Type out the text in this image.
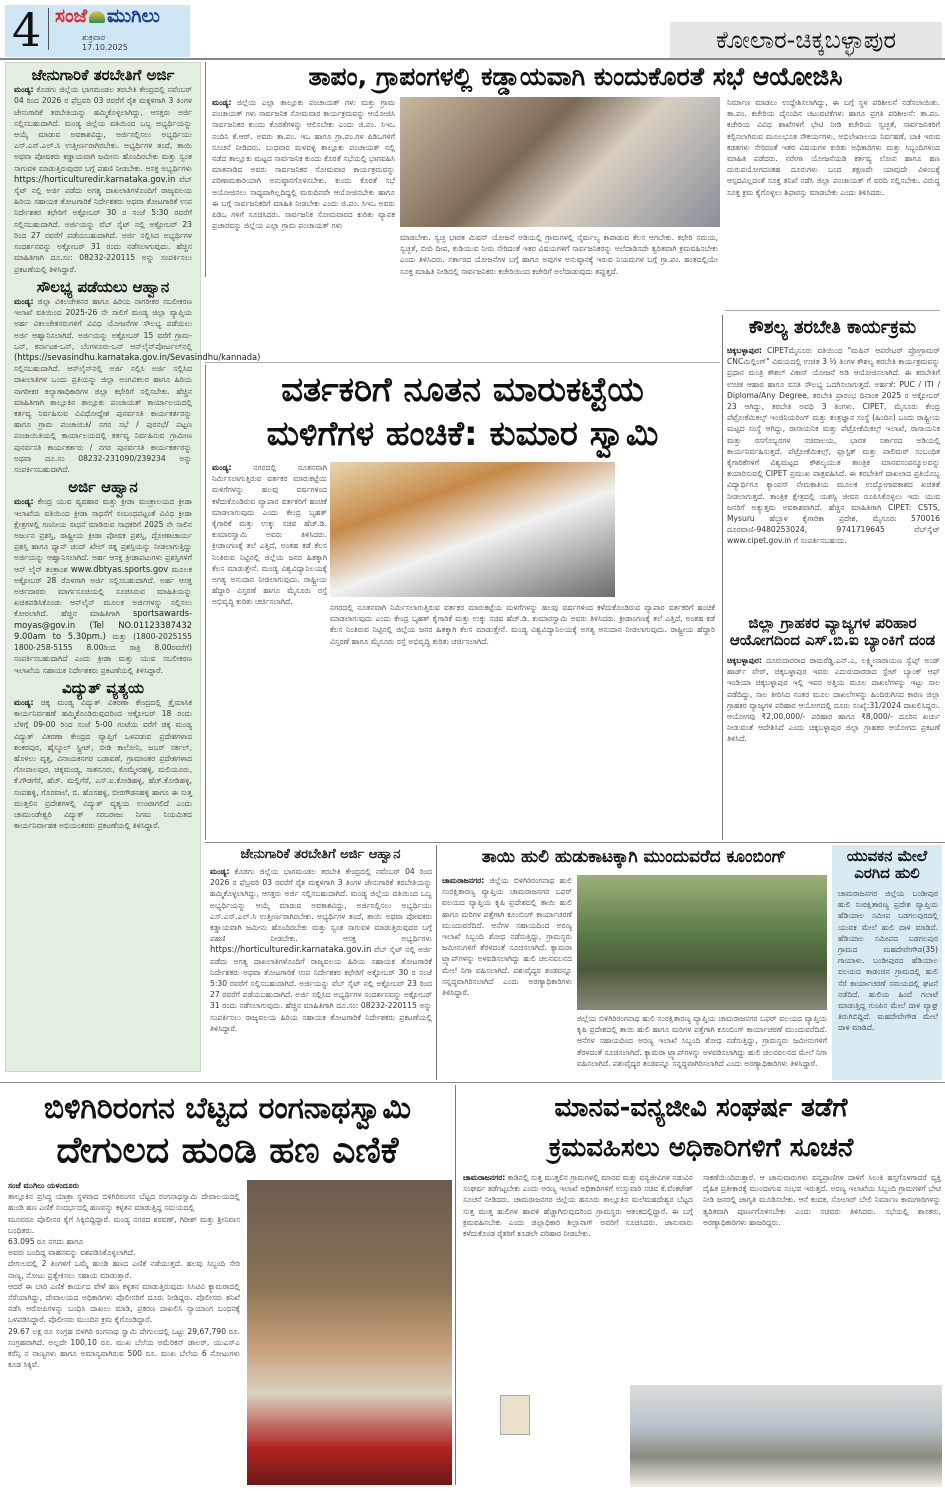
4 ಸಂಜೆ ಮುಗಿಲು
ಶುಕ್ರವಾರ
17.10.2025	ಕೋಲಾರ-ಚಿಕ್ಕಬಳ್ಳಾಪುರ
ಜೇನುಗಾರಿಕೆ ತರಬೇತಿಗೆ ಅರ್ಜಿ

ಮಂಡ್ಯ: ಕೊಡಗು ಜಿಲ್ಲೆಯ ಭಾಗಮಂಡಲ ತರಬೇತಿ ಕೇಂದ್ರದಲ್ಲಿ ನವೆಂಬರ್ 04 ರಿಂದ 2026 ರ ಫೆಬ್ರವರಿ 03 ರವರೆಗೆ ರೈತ ಮಕ್ಕಳಿಗಾಗಿ 3 ತಿಂಗಳ ಜೇನುಗಾರಿಕೆ ತರಬೇತಿಯನ್ನು ಹಮ್ಮಿಕೊಳ್ಳಲಾಗಿದ್ದು, ಆಸಕ್ತರು ಅರ್ಜಿ ಸಲ್ಲಿಸಬಹುದಾಗಿದೆ. ಮಂಡ್ಯ ಜಿಲ್ಲೆಯ ವತಿಯಿಂದ ಒಬ್ಬ ಅಭ್ಯರ್ಥಿಯನ್ನು ಆಯ್ಕೆ ಮಾಡುವ ಅವಕಾಶವಿದ್ದು, ಅರ್ಜಿಸಲ್ಲಿಸಲು ಅಭ್ಯರ್ಥಿಯು ಎಸ್.ಎಸ್.ಎಲ್.ಸಿ ಉತ್ತೀರ್ಣರಾಗಿರಬೇಕು. ಅಭ್ಯರ್ಥಿಗಳ ತಂದೆ, ತಾಯಿ ಅಥವಾ ಪೋಷಕರು ಕಡ್ಡಾಯವಾಗಿ ಜಮೀನು ಹೊಂದಿರಬೇಕು ಮತ್ತು ಸ್ವಂತ ಸಾಗುವಳಿ ಮಾಡುತ್ತಿರುವುದರ ಬಗ್ಗೆ ಪಹಣಿ ನೀಡಬೇಕು. ಆಸಕ್ತ ಅಭ್ಯರ್ಥಿಗಳು https://horticulturedir.karnataka.gov.in ವೆಬ್ ಸೈಟ್ ನಲ್ಲಿ ಅರ್ಜಿ ಪಡೆದು ಅಗತ್ಯ ದಾಖಲಾತಿಗಳೊಂದಿಗೆ ರಾಜ್ಯವಲಯ ಹಿರಿಯ ಸಹಾಯಕ ತೋಟಗಾರಿಕೆ ನಿರ್ದೇಶಕರು ಅಥವಾ ತೋಟಗಾರಿಕೆ ಉಪ ನಿರ್ದೇಶಕರ ಕಛೇರಿಗೆ ಅಕ್ಟೋಬರ್ 30 ರ ಸಂಜೆ 5:30 ರವರೆಗೆ ಸಲ್ಲಿಸಬಹುದಾಗಿದೆ. ಅರ್ಜಿಯನ್ನು ವೆಬ್ ಸೈಟ್ ನಲ್ಲಿ ಅಕ್ಟೋಬರ್ 23 ರಿಂದ 27 ರವರೆಗೆ ಪಡೆಯಬಹುದಾಗಿದೆ. ಅರ್ಜಿ ಸಲ್ಲಿಸಿದ ಅಭ್ಯರ್ಥಿಗಳ ಸಂದರ್ಶನವನ್ನು ಅಕ್ಟೋಬರ್ 31 ರಂದು ನಡೆಸಲಾಗುವುದು. ಹೆಚ್ಚಿನ ಮಾಹಿತಿಗಾಗಿ ದೂ.ಸಂ: 08232-220115 ಅನ್ನು ಸಂಪರ್ಕಿಸಲು ಪ್ರಕಟಣೆಯಲ್ಲಿ ತಿಳಿಸಿದ್ದಾರೆ.

ಸೌಲಭ್ಯ ಪಡೆಯಲು ಆಹ್ವಾನ

ಮಂಡ್ಯ: ಜಿಲ್ಲಾ ವಿಕಲಚೇತನರ ಹಾಗೂ ಹಿರಿಯ ನಾಗರೀಕರ ಸಬಲೀಕರಣ ಇಲಾಖೆ ವತಿಯಿಂದ 2025-26 ನೇ ಸಾಲಿಗೆ ಮಂಡ್ಯ ಜಿಲ್ಲಾ ವ್ಯಾಪ್ತಿಯ ಅರ್ಹ ವಿಕಲಚೇತನರುಗಳಿಗೆ ವಿವಿಧ ಯೋಜನೆಗಳ ಸೌಲಭ್ಯ ಪಡೆಯಲು ಅರ್ಜಿ ಆಹ್ವಾನಿಸಲಾಗಿದೆ. ಅರ್ಜಿಯನ್ನು ಅಕ್ಟೋಬರ್ 15 ವರೆಗೆ ಗ್ರಾಮ-ಒನ್, ಕರ್ನಾಟಕ-ಒನ್, ಬೆಂಗಳೂರು-ಒನ್ ಆನ್‌ಲೈನ್‌ಪೋರ್ಟಲ್‌ನಲ್ಲಿ (https://sevasindhu.karnataka.gov.in/Sevasindhu/kannada) ಸಲ್ಲಿಸಬಹುದಾಗಿದೆ. ಆನ್‌ಲೈನ್‌ನಲ್ಲಿ ಅರ್ಜಿ ಸಲ್ಲಿಸಿ ಅರ್ಜಿ ಸಲ್ಲಿಸಿದ ದಾಖಲಾತಿಗಳ ಒಂದು ಪ್ರತಿಯನ್ನು ಜಿಲ್ಲಾ ಅಂಗವಿಕಲರ ಹಾಗೂ ಹಿರಿಯ ನಾಗರೀಕರ ಕಲ್ಯಾಣಾಧಿಕಾರಿಗಳ ಜಿಲ್ಲಾ ಕಛೇರಿಗೆ ಸಲ್ಲಿಸಬೇಕು. ಹೆಚ್ಚಿನ ಮಾಹಿತಿಗಾಗಿ ತಾಲ್ಲೂಕಿನ ತಾಲ್ಲೂಕು ಪಂಚಾಯತ್ ಕಾರ್ಯಾಲಯದಲ್ಲಿ ಕರ್ತವ್ಯ ನಿರ್ವಹಿಸುವ ವಿವಿಧೋದ್ದೇಶ ಪುನರ್ವಸತಿ ಕಾರ್ಯಕರ್ತರನ್ನು ಹಾಗೂ ಗ್ರಾಮ ಪಂಚಾಯಿತಿ/ ನಗರ ಸಭೆ / ಪುರಸಭೆ/ ಪಟ್ಟಣ ಪಂಚಾಯಿತಿಯಲ್ಲಿ ಕಾರ್ಯಾಲಯದಲ್ಲಿ ಕರ್ತವ್ಯ ನಿರ್ವಹಿಸುವ ಗ್ರಾಮೀಣ ಪುನರ್ವಸತಿ ಕಾರ್ಯಕರ್ತರು / ನಗರ ಪುನರ್ವಸತಿ ಕಾರ್ಯಕರ್ತರನ್ನು ಅಥವಾ ದೂ.ಸಂ 08232-231090/239234 ಅನ್ನು ಸಂಪರ್ಕಿಸಬಹುದಾಗಿದೆ.

ಅರ್ಜಿ ಆಹ್ವಾನ

ಮಂಡ್ಯ: ಕೇಂದ್ರ ಯುವ ವ್ಯವಹಾರ ಮತ್ತು ಕ್ರೀಡಾ ಮಂತ್ರಾಲಯದ ಕ್ರೀಡಾ ಇಲಾಖೆಯ ವತಿಯಿಂದ ಕ್ರೀಡಾ ಸಾಧನೆಗೆ ಸಂಬಂಧಪಟ್ಟಂತೆ ವಿವಿಧ ಕ್ರೀಡಾ ಕ್ಷೇತ್ರಗಳಲ್ಲಿ ಗಣನೀಯ ಸಾಧನೆ ಮಾಡಿರುವ ಸಾಧಕರಿಗೆ 2025 ನೇ ಸಾಲಿನ ಅರ್ಜುನ ಪ್ರಶಸ್ತಿ, ರಾಷ್ಟ್ರೀಯ ಕ್ರೀಡಾ ಪೋಷಕ ಪ್ರಶಸ್ತಿ, ದ್ರೋಣಾಚಾರ್ಯ ಪ್ರಶಸ್ತಿ ಹಾಗೂ ಧ್ಯಾನ್ ಚಂದ್ ಖೇಲ್ ರತ್ನ ಪ್ರಶಸ್ತಿಯನ್ನು ನೀಡಲಾಗುತ್ತಿದ್ದು ಅರ್ಜಿಯನ್ನು ಆಹ್ವಾನಿಸಲಾಗಿದೆ. ಅರ್ಹ ಆಸಕ್ತ ಕ್ರೀಡಾಪಟುಗಳು ಪ್ರಶಸ್ತಿಗಳಿಗೆ ಆನ್ ಲೈನ್ ತಂತ್ರಾಂಶ www.dbtyas.sports.gov ಮೂಲಕ ಅಕ್ಟೋಬರ್ 28 ರೊಳಗಾಗಿ ಅರ್ಜಿ ಸಲ್ಲಿಸಬಹುದಾಗಿದೆ. ಅರ್ಹ ಆಸಕ್ತ ಅರ್ಜಿದಾರರು ಮಾರ್ಗಸೂಚಿಯಲ್ಲಿ ಸೂಚಿಸಿರುವ ಮಾಹಿತಿಯನ್ನು ಖಚಿತಪಡಿಸಿಕೊಂಡು ಆನ್‌ಲೈನ್ ಮೂಲಕ ಅರ್ಜಿಗಳನ್ನು ಸಲ್ಲಿಸಲು ಕೋರಲಾಗಿದೆ. ಹೆಚ್ಚಿನ ಮಾಹಿತಿಗಾಗಿ sportsawards-moyas@gov.in (Tel NO.01123387432 9.00am to 5.30pm.) ಮತ್ತು (1800-2025155 1800-258-5155 8.00ರಿಂದ ರಾತ್ರಿ 8.00ರವರೆಗೆ) ಸಂಪರ್ಕಿಸಬಹುದಾಗಿದೆ ಎಂದು ಕ್ರೀಡಾ ಮತ್ತು ಯುವ ಸಬಲೀಕರಣ ಇಲಾಖೆಯ ಸಹಾಯಕ ನಿರ್ದೇಶಕರು ಪ್ರಕಟಣೆಯಲ್ಲಿ ತಿಳಿಸಿದ್ದಾರೆ.

ವಿದ್ಯುತ್ ವ್ಯತ್ಯಯ

ಮಂಡ್ಯ: ಚಿಕ್ಕ ಮಂಡ್ಯ ವಿದ್ಯುತ್ ವಿತರಣಾ ಕೇಂದ್ರದಲ್ಲಿ ತ್ರೈಮಾಸಿಕ ಕಾರ್ಯನಿರ್ವಹಣೆ ಹಮ್ಮಿಕೊಂಡಿರುವುದರಿಂದ ಅಕ್ಟೋಬರ್ 18 ರಂದು ಬೆಳಿಗ್ಗೆ 09-00 ರಿಂದ ಸಂಜೆ 5-00 ಗಂಟೆಯ ವರೆಗೆ ಚಿಕ್ಕ ಮಂಡ್ಯ ವಿದ್ಯುತ್ ವಿತರಣಾ ಕೇಂದ್ರದ ವ್ಯಾಪ್ತಿಗೆ ಒಳಪಡುವ ಪ್ರದೇಶಗಳಾದ ಶಂಕರಪುರ, ಹೈಸ್ಕೂಲ್ ಸ್ಟ್ರೀಟ್, ಬೀಡಿ ಕಾಲೋನಿ, ಜಬರ್ ಸರ್ಕಲ್, ಹೊಳಲು ವೃತ್ತ, ವಿನಾಯಕನಗರ ಬಡಾವಣೆ, ಗ್ರಾಮಾಂತರ ಪ್ರದೇಶಗಳಾದ ಗೋಪಾಲಪುರ, ಚಿಕ್ಕಮಂಡ್ಯ, ಸಾತನೂರು, ಕೊಮ್ಮೇರಹಳ್ಳಿ, ಮಲಿಯೂರು, ಕೆ.ಗೌಡಗೆರೆ, ಹೆಚ್. ಮಲ್ಲಿಗೆರೆ, ಎಸ್.ಐ.ಕೋಡಿಹಳ್ಳಿ, ಹೆಚ್.ಕೋಡಿಹಳ್ಳಿ, ಸಂಪಹಳ್ಳಿ, ಗೊರವಾಲೆ, ಬಿ. ಹೊಸಹಳ್ಳಿ, ಬೀರಗೌಡನಹಳ್ಳಿ ಹಾಗೂ ಈ ಸುತ್ತ ಮುತ್ತಲಿನ ಪ್ರದೇಶಗಳಲ್ಲಿ ವಿದ್ಯುತ್ ವ್ಯತ್ಯಯ ಉಂಟಾಗಲಿದೆ ಎಂದು ಚಾಮುಂಡೇಶ್ವರಿ ವಿದ್ಯುತ್ ಸರಬರಾಜು ನಿಗಮ ನಿಯಮಿತದ ಕಾರ್ಯನಿರ್ವಾಹಕ ಅಭಿಯಂತರರು ಪ್ರಕಟಣೆಯಲ್ಲಿ ತಿಳಿಸಿದ್ದಾರೆ.

ತಾಪಂ, ಗ್ರಾಪಂಗಳಲ್ಲಿ ಕಡ್ಡಾಯವಾಗಿ ಕುಂದುಕೊರತೆ ಸಭೆ ಆಯೋಜಿಸಿ

ಮಂಡ್ಯ: ಜಿಲ್ಲೆಯ ಎಲ್ಲಾ ತಾಲ್ಲೂಕು ಪಂಚಾಯತ್ ಗಳು ಮತ್ತು ಗ್ರಾಮ ಪಂಚಾಯತ್ ಗಳು ಸಾರ್ವಜನಿಕ ಸೋಮವಾರ ಕಾರ್ಯಕ್ರಮವನ್ನು ಆಯೋಜಿಸಿ ಸಾರ್ವಜನಿಕರ ಕುಂದು ಕೊರತೆಗಳನ್ನು ಆಲಿಸಬೇಕು ಎಂದು ಜಿ.ಪಂ. ಸಿಇಒ ನಂದಿನಿ ಕೆ.ಆರ್. ಅವರು ತಾ.ಪಂ. ಇಒ ಹಾಗೂ ಗ್ರಾ.ಪಂ.ಗಳ ಪಿಡಿಒಗಳಿಗೆ ಸೂಚನೆ ನೀಡಿದರು. ಬುಧವಾರ ಮಳವಳ್ಳಿ ತಾಲ್ಲೂಕು ಪಂಚಾಯತ್ ನಲ್ಲಿ ನಡೆದ ತಾಲ್ಲೂಕು ಮಟ್ಟದ ಸಾರ್ವಜನಿಕ ಕುಂದು ಕೊರತೆ ಸಭೆಯಲ್ಲಿ ಭಾಗವಹಿಸಿ ಮಾತನಾಡಿದ ಅವರು ಸಾರ್ವಜನಿಕರ ಸೋಮವಾರ ಕಾರ್ಯಕ್ರಮವನ್ನು ಪರಿಣಾಮಕಾರಿಯಾಗಿ ಅನುಷ್ಠಾನಗೊಳಿಸಬೇಕು. ಕುಂದು ಕೊರತೆ ಸಭೆ ಆಯೋಜಿಸಲು ಸಾಧ್ಯವಾಗಿಲ್ಲದಿದ್ದಲ್ಲಿ ಮರುದಿನವೇ ಆಯೋಜಿಸಬೇಕು ಹಾಗೂ ಈ ಬಗ್ಗೆ ಸಾರ್ವಜನಿಕರಿಗೆ ಮಾಹಿತಿ ನೀಡಬೇಕು ಎಂದು ಜಿ.ಪಂ. ಸಿಇಒ ಅವರು ಪಿಡಿಒ ಗಳಿಗೆ ಸೂಚಿಸಿದರು. ಸಾರ್ವಜನಿಕ ಸೋಮವಾರದ ಕುರಿತು ವ್ಯಾಪಕ ಪ್ರಚಾರವನ್ನು ಜಿಲ್ಲೆಯ ಎಲ್ಲಾ ಗ್ರಾಮ ಪಂಚಾಯತ್ ಗಳು

ಮಾಡಬೇಕು. ಸ್ವಚ್ಛ ಭಾರತ ಮಿಷನ್ ಯೋಜನೆ ಅಡಿಯಲ್ಲಿ ಗ್ರಾಮಗಳಲ್ಲಿ ನೈರ್ಮಲ್ಯ ಕಾಪಾಡುವ ಕೆಲಸ ಆಗಬೇಕು. ಕಛೇರಿ ಸಮಯ, ಸ್ವಚ್ಛತೆ, ಬೀದಿ ದೀಪ, ಕುಡಿಯುವ ನೀರು ಸೇರಿದಂತೆ ಇತರ ವಿಷಯಗಳಿಗೆ ಸಾರ್ವಜನಿಕರನ್ನು ಅಲೆದಾಡಿಸದೇ ತ್ವರಿತವಾಗಿ ಕ್ರಮವಹಿಸಬೇಕು ಎಂದು ತಿಳಿಸಿದರು. ಸರ್ಕಾರದ ಯೋಜನೆಗಳ ಬಗ್ಗೆ ಹಾಗೂ ಅವುಗಳ ಅನುಷ್ಠಾನಕ್ಕೆ ಇರುವ ನಿಯಮಗಳ ಬಗ್ಗೆ ಗ್ರಾ.ಪಂ. ಹಂತದಲ್ಲಿಯೇ ಸೂಕ್ತ ಮಾಹಿತಿ ನೀಡಿದಲ್ಲಿ ಸಾರ್ವಜನಿಕರು ಕಚೇರಿಯಿಂದ ಕಚೇರಿಗೆ ಅಲೆದಾಡುವುದು ತಪ್ಪುತ್ತದೆ.

ನಿರ್ಮಾಣ ಮಾಡಲು ಉದ್ದೇಶಿಸಲಾಗಿದ್ದು, ಈ ಬಗ್ಗೆ ಸ್ಥಳ ಪರಿಶೀಲನೆ ನಡೆಸಲಾಯಿತು. ತಾ.ಪಂ. ಕಚೇರಿಯ ದೈನಂದಿನ ಚಟುವಟಿಕೆಗಳು ಹಾಗೂ ಪ್ರಗತಿ ಪರಿಶೀಲನೆ: ತಾ.ಪಂ. ಕಚೇರಿಯ ವಿವಿಧ ಶಾಖೆಗಳಿಗೆ ಭೇಟಿ ನೀಡಿ ಕಚೇರಿಯ ಸ್ವಚ್ಛತೆ, ಸಾರ್ವಜನಿಕರಿಗೆ ಕಲ್ಪಿಸಲಾಗಿರುವ ಮೂಲಭೂತ ಸೌಕರ್ಯಗಳು, ಅಭಿಲೇಖಾಲಯ ನಿರ್ವಹಣೆ, ಬಾಕಿ ಇರುವ ಕಡತಗಳು ಸೇರಿದಂತೆ ಇತರ ವಿಷಯಗಳ ಕುರಿತು ಅಧಿಕಾರಿಗಳು ಮತ್ತು ಸಿಬ್ಬಂದಿಗಳಿಂದ ಮಾಹಿತಿ ಪಡೆದರು. ನರೇಗಾ ಯೋಜನೆಯಡಿ ಕರ್ತವ್ಯ ಲೋಪ ಹಾಗೂ ಹಣ ದುರುಪಯೋಗದಂತಹ ದೂರುಗಳು ಬಂದ ತಕ್ಷಣವೇ ಯಾವುದೇ ವಿಳಂಬಕ್ಕೆ ಆಸ್ಪದವಿಲ್ಲದಂತೆ ಸೂಕ್ತ ತನಿಖೆ ನಡೆಸಿ ಜಿಲ್ಲಾ ಪಂಚಾಯತ್ ಗೆ ವರದಿ ಸಲ್ಲಿಸಬೇಕು. ವಿರುದ್ಧ ಸೂಕ್ತ ಕ್ರಮ ಕೈಗೊಳ್ಳಲು ಶಿಫಾರಸ್ಸು ಮಾಡಬೇಕು ಎಂದು ತಿಳಿಸಿದರು.

ವರ್ತಕರಿಗೆ ನೂತನ ಮಾರುಕಟ್ಟೆಯ
ಮಳಿಗೆಗಳ ಹಂಚಿಕೆ: ಕುಮಾರ ಸ್ವಾಮಿ

ಮಂಡ್ಯ:	ನಗರದಲ್ಲಿ ನೂತನವಾಗಿ ನಿರ್ಮಿಸಲಾಗುತ್ತಿರುವ ವರ್ತಕರ ಮಾರುಕಟ್ಟೆಯ ಮಳಿಗೆಗಳನ್ನು ಹಲವು ವರ್ಷಗಳಿಂದ ಕಳೆದುಕೊಂಡಿರುವ ವ್ಯಾಪಾರ ವರ್ತಕರಿಗೆ ಹಂಚಿಕೆ ಮಾಡಲಾಗುವುದು ಎಂದು ಕೇಂದ್ರ ಬೃಹತ್ ಕೈಗಾರಿಕೆ ಮತ್ತು ಉಕ್ಕು ಸಚಿವ ಹೆಚ್.ಡಿ. ಕುಮಾರಸ್ವಾಮಿ ಅವರು ತಿಳಿಸಿದರು. ಕ್ರೀಡಾಂಗಣಕ್ಕೆ ತಲೆ ಎತ್ತಿದೆ, ಅಂತಹ ಕಡೆ ಕೆಲಸ ನಿಂತಿರುವ ನಿಟ್ಟಿನಲ್ಲಿ ಜಿಲ್ಲೆಯ ಜನರ ಹಿತಕ್ಕಾಗಿ ಕೆಲಸ ಮಾಡುತ್ತೇನೆ. ಮಂಡ್ಯ ವಿಶ್ವವಿದ್ಯಾನಿಲಯಕ್ಕೆ ಅಗತ್ಯ ಅನುದಾನ ನೀಡಲಾಗುವುದು. ರಾಷ್ಟ್ರೀಯ ಹೆದ್ದಾರಿ ವಿಸ್ತರಣೆ ಹಾಗೂ ಮೈಸೂರು ರಸ್ತೆ ಅಭಿವೃದ್ಧಿ ಕುರಿತು ಚರ್ಚಿಸಲಾಗಿದೆ.

ನಗರದಲ್ಲಿ ನೂತನವಾಗಿ ನಿರ್ಮಿಸಲಾಗುತ್ತಿರುವ ವರ್ತಕರ ಮಾರುಕಟ್ಟೆಯ ಮಳಿಗೆಗಳನ್ನು ಹಲವು ವರ್ಷಗಳಿಂದ ಕಳೆದುಕೊಂಡಿರುವ ವ್ಯಾಪಾರ ವರ್ತಕರಿಗೆ ಹಂಚಿಕೆ ಮಾಡಲಾಗುವುದು ಎಂದು ಕೇಂದ್ರ ಬೃಹತ್ ಕೈಗಾರಿಕೆ ಮತ್ತು ಉಕ್ಕು ಸಚಿವ ಹೆಚ್.ಡಿ. ಕುಮಾರಸ್ವಾಮಿ ಅವರು ತಿಳಿಸಿದರು. ಕ್ರೀಡಾಂಗಣಕ್ಕೆ ತಲೆ ಎತ್ತಿದೆ, ಅಂತಹ ಕಡೆ ಕೆಲಸ ನಿಂತಿರುವ ನಿಟ್ಟಿನಲ್ಲಿ ಜಿಲ್ಲೆಯ ಜನರ ಹಿತಕ್ಕಾಗಿ ಕೆಲಸ ಮಾಡುತ್ತೇನೆ. ಮಂಡ್ಯ ವಿಶ್ವವಿದ್ಯಾನಿಲಯಕ್ಕೆ ಅಗತ್ಯ ಅನುದಾನ ನೀಡಲಾಗುವುದು. ರಾಷ್ಟ್ರೀಯ ಹೆದ್ದಾರಿ ವಿಸ್ತರಣೆ ಹಾಗೂ ಮೈಸೂರು ರಸ್ತೆ ಅಭಿವೃದ್ಧಿ ಕುರಿತು ಚರ್ಚಿಸಲಾಗಿದೆ.

ಕೌಶಲ್ಯ ತರಬೇತಿ ಕಾರ್ಯಕ್ರಮ

ಚಿಕ್ಕಬಳ್ಳಾಪುರ: CIPETಮೈಸೂರು ವತಿಯಿಂದ "ಮಷಿನ್ ಆಪರೇಟರ್ ಪ್ರೋಗ್ರಾಮರ್ CNCಮಿಲ್ಲಿಂಗ್" ವಿಷಯದಲ್ಲಿ ಉಚಿತ 3 ½ ತಿಂಗಳ ಕೌಶಲ್ಯ ತರಬೇತಿ ಕಾರ್ಯಕ್ರಮವನ್ನು ಪ್ರಧಾನ ಮಂತ್ರಿ ಕೌಶಲ್ ವಿಕಾಸ್ ಯೋಜನೆ ಅಡಿ ಆಯೋಜಿಸಲಾಗಿದೆ. ಈ ತರಬೇತಿಗೆ ಉಚಿತ ಆಹಾರ ಹಾಗೂ ವಸತಿ ಸೌಲಭ್ಯ ಒದಗಿಸಲಾಗುತ್ತದೆ. ಅರ್ಹತೆ: PUC / ITI / Diploma/Any Degree, ತರಬೇತಿ ಪ್ರಾರಂಭ ದಿನಾಂಕ 2025 ರ ಅಕ್ಟೋಬರ್ 23 ಆಗಿದ್ದು, ತರಬೇತಿ ಅವಧಿ 3 ತಿಂಗಳು. CIPET, ಮೈಸೂರು ಕೇಂದ್ರ ಪೆಟ್ರೋಕೆಮಿಕಲ್ಸ್ ಇಂಜಿನಿಯರಿಂಗ್ ಮತ್ತು ತಂತ್ರಜ್ಞಾನ ಸಂಸ್ಥೆ (ಹಿಂದಿನ) ಒಂದು ರಾಷ್ಟ್ರೀಯ ಮಟ್ಟದ ಸಂಸ್ಥೆ ಆಗಿದ್ದು, ರಾಸಾಯನಿಕ ಮತ್ತು ಪೆಟ್ರೋಕೆಮಿಕಲ್ಸ್ ಇಲಾಖೆ, ರಾಸಾಯನಿಕ ಮತ್ತು ರಸಗೊಬ್ಬರಗಳ ಸಚಿವಾಲಯ, ಭಾರತ ಸರ್ಕಾರದ ಅಡಿಯಲ್ಲಿ ಕಾರ್ಯನಿರ್ವಹಿಸುತ್ತದೆ. ಪೆಟ್ರೋಕೆಮಿಕಲ್ಸ್, ಪ್ಲಾಸ್ಟಿಕ್ ಮತ್ತು ಪಾಲಿಮರ್ ಸಂಬಂಧಿತ ಕೈಗಾರಿಕೆಗಳಿಗೆ ವಿಶ್ವಮಟ್ಟದ ಕೌಶಲ್ಯಯುತ ತಾಂತ್ರಿಕ ಮಾನವಸಂಪನ್ಮೂಲವನ್ನು ತಯಾರಿಸುವಲ್ಲಿ CIPET ಪ್ರಮುಖ ಪಾತ್ರವಹಿಸಿದೆ. ಈ ತರಬೇತಿಗೆ ದಾಖಲಾದ ಪ್ರತಿಯೊಬ್ಬ ವಿದ್ಯಾರ್ಥಿಗೂ ಕ್ಯಾಂಪಸ್ ನೇಮಕಾತಿಯ ಮೂಲಕ ಉದ್ಯೋಗಾವಕಾಶದ ಖಚಿತತೆ ನೀಡಲಾಗುತ್ತದೆ. ತಾಂತ್ರಿಕ ಕ್ಷೇತ್ರದಲ್ಲಿ ಯಶಸ್ವಿ ಜೀವನ ರೂಪಿಸಿಕೊಳ್ಳಲು ಇದು ಯುವ ಜನರಿಗೆ ಅತ್ಯುತ್ತಮ ಅವಕಾಶವಾಗಿದೆ. ಹೆಚ್ಚಿನ ಮಾಹಿತಿಗಾಗಿ CIPET: CSTS, Mysuru ಹೆಬ್ಬಾಳ ಕೈಗಾರಿಕಾ ಪ್ರದೇಶ, ಮೈಸೂರು 570016 ದೂರವಾಣಿ-9480253024, 9741719645 ವೆಬ್‌ಸೈಟ್ www.cipet.gov.in ಗೆ ಸಂಪರ್ಕಿಸಬಹುದು.

ಜಿಲ್ಲಾ ಗ್ರಾಹಕರ ವ್ಯಾಜ್ಯಗಳ ಪರಿಹಾರ
ಆಯೋಗದಿಂದ ಎಸ್.ಬಿ.ಐ ಬ್ಯಾಂಕಿಗೆ ದಂಡ

ಚಿಕ್ಕಬಳ್ಳಾಪುರ: ದೂರುದಾರರಾದ ರಾಮರೆಡ್ಡಿ.ಎನ್.ಎ, ಲಕ್ಷ್ಮೀನಾರಾಯಣ ಸ್ವೆಟ್ಸ್ ಅಂಡ್ ಹಾರ್ಡ್ ವೇರ್, ಚಿಕ್ಕಬಳ್ಳಾಪುರ ಇವರು ಎದುರುದಾರರಾದ ಸ್ಟೇಟ್ ಬ್ಯಾಂಕ್ ಆಫ್ ಇಂಡಿಯಾ ಚಿಕ್ಕಬಳ್ಳಾಪುರ ಇಲ್ಲಿ ಇವರ ಅತ್ತಿಯ ಮೂಲ ದಾಖಲೆಗಳನ್ನು ಇಟ್ಟು ಸಾಲ ಪಡೆದಿದ್ದು, ಸಾಲ ತೀರಿಸಿದ ನಂತರ ಮೂಲ ದಾಖಲೆಗಳನ್ನು ಹಿಂದಿರುಗಿಸದ ಕಾರಣ ಜಿಲ್ಲಾ ಗ್ರಾಹಕರ ವ್ಯಾಜ್ಯಗಳ ಪರಿಹಾರ ಆಯೋಗದಲ್ಲಿ ದೂರು ಸಂಖ್ಯೆ:31/2024 ದಾಖಲಿಸಿದ್ದರು. ಆಯೋಗವು ₹2,00,000/- ಪರಿಹಾರ ಹಾಗೂ ₹8,000/- ದೂರಿನ ಖರ್ಚು ನೀಡುವಂತೆ ಆದೇಶಿಸಿದೆ ಎಂದು ಚಿಕ್ಕಬಳ್ಳಾಪುರ ಜಿಲ್ಲಾ ಗ್ರಾಹಕರ ಆಯೋಗದ ಪ್ರಕಟಣೆ ತಿಳಿಸಿದೆ.

ಜೇನುಗಾರಿಕೆ ತರಬೇತಿಗೆ ಅರ್ಜಿ ಆಹ್ವಾನ

ಮಂಡ್ಯ: ಕೊಡಗು ಜಿಲ್ಲೆಯ ಭಾಗಮಂಡಲ ತರಬೇತಿ ಕೇಂದ್ರದಲ್ಲಿ ನವೆಂಬರ್ 04 ರಿಂದ 2026 ರ ಫೆಬ್ರವರಿ 03 ರವರೆಗೆ ರೈತ ಮಕ್ಕಳಿಗಾಗಿ 3 ತಿಂಗಳ ಜೇನುಗಾರಿಕೆ ತರಬೇತಿಯನ್ನು ಹಮ್ಮಿಕೊಳ್ಳಲಾಗಿದ್ದು, ಆಸಕ್ತರು ಅರ್ಜಿ ಸಲ್ಲಿಸಬಹುದಾಗಿದೆ. ಮಂಡ್ಯ ಜಿಲ್ಲೆಯ ವತಿಯಿಂದ ಒಬ್ಬ ಅಭ್ಯರ್ಥಿಯನ್ನು ಆಯ್ಕೆ ಮಾಡುವ ಅವಕಾಶವಿದ್ದು, ಅರ್ಜಿಸಲ್ಲಿಸಲು ಅಭ್ಯರ್ಥಿಯು ಎಸ್.ಎಸ್.ಎಲ್.ಸಿ ಉತ್ತೀರ್ಣರಾಗಿರಬೇಕು. ಅಭ್ಯರ್ಥಿಗಳ ತಂದೆ, ತಾಯಿ ಅಥವಾ ಪೋಷಕರು ಕಡ್ಡಾಯವಾಗಿ ಜಮೀನು ಹೊಂದಿರಬೇಕು ಮತ್ತು ಸ್ವಂತ ಸಾಗುವಳಿ ಮಾಡುತ್ತಿರುವುದರ ಬಗ್ಗೆ ಪಹಣಿ ನೀಡಬೇಕು. ಆಸಕ್ತ ಅಭ್ಯರ್ಥಿಗಳು https://horticulturedir.karnataka.gov.in ವೆಬ್ ಸೈಟ್ ನಲ್ಲಿ ಅರ್ಜಿ ಪಡೆದು ಅಗತ್ಯ ದಾಖಲಾತಿಗಳೊಂದಿಗೆ ರಾಜ್ಯವಲಯ ಹಿರಿಯ ಸಹಾಯಕ ತೋಟಗಾರಿಕೆ ನಿರ್ದೇಶಕರು ಅಥವಾ ತೋಟಗಾರಿಕೆ ಉಪ ನಿರ್ದೇಶಕರ ಕಛೇರಿಗೆ ಅಕ್ಟೋಬರ್ 30 ರ ಸಂಜೆ 5:30 ರವರೆಗೆ ಸಲ್ಲಿಸಬಹುದಾಗಿದೆ. ಅರ್ಜಿಯನ್ನು ವೆಬ್ ಸೈಟ್ ನಲ್ಲಿ ಅಕ್ಟೋಬರ್ 23 ರಿಂದ 27 ರವರೆಗೆ ಪಡೆಯಬಹುದಾಗಿದೆ. ಅರ್ಜಿ ಸಲ್ಲಿಸಿದ ಅಭ್ಯರ್ಥಿಗಳ ಸಂದರ್ಶನವನ್ನು ಅಕ್ಟೋಬರ್ 31 ರಂದು ನಡೆಸಲಾಗುವುದು. ಹೆಚ್ಚಿನ ಮಾಹಿತಿಗಾಗಿ ದೂ.ಸಂ: 08232-220115 ಅನ್ನು ಸಂಪರ್ಕಿಸಲು ರಾಜ್ಯವಲಯ ಹಿರಿಯ ಸಹಾಯಕ ತೋಟಗಾರಿಕೆ ನಿರ್ದೇಶಕರು ಪ್ರಕಟಣೆಯಲ್ಲಿ ತಿಳಿಸಿದ್ದಾರೆ.

ತಾಯಿ ಹುಲಿ ಹುಡುಕಾಟಕ್ಕಾಗಿ ಮುಂದುವರೆದ ಕೂಂಬಿಂಗ್

ಚಾಮರಾಜನಗರ: ಜಿಲ್ಲೆಯ ಬಿಳಿಗಿರಿರಂಗನಾಥ ಹುಲಿ ಸಂರಕ್ಷಿತಾರಣ್ಯ ವ್ಯಾಪ್ತಿಯ ಚಾಮರಾಜನಗರ ಬಫರ್ ವಲಯದ ವ್ಯಾಪ್ತಿಯ ಕೃಷಿ ಪ್ರದೇಶದಲ್ಲಿ ತಾಯಿ ಹುಲಿ ಹಾಗೂ ಮರಿಗಳ ಪತ್ತೆಗಾಗಿ ಕೂಂಬಿಂಗ್ ಕಾರ್ಯಾಚರಣೆ ಮುಂದುವರೆದಿದೆ. ಆನೆಗಳ ಸಹಾಯದಿಂದ ಅರಣ್ಯ ಇಲಾಖೆ ಸಿಬ್ಬಂದಿ ಶೋಧ ನಡೆಸುತ್ತಿದ್ದು, ಗ್ರಾಮಸ್ಥರು ಜಮೀನುಗಳಿಗೆ ತೆರಳದಂತೆ ಸೂಚಿಸಲಾಗಿದೆ. ಕ್ಯಾಮರಾ ಟ್ರ್ಯಾಪ್‌ಗಳನ್ನು ಅಳವಡಿಸಲಾಗಿದ್ದು ಹುಲಿ ಚಲನವಲನದ ಮೇಲೆ ನಿಗಾ ವಹಿಸಲಾಗಿದೆ. ಪಶುವೈದ್ಯರ ತಂಡವನ್ನೂ ಸನ್ನದ್ಧವಾಗಿರಿಸಲಾಗಿದೆ ಎಂದು ಅರಣ್ಯಾಧಿಕಾರಿಗಳು ತಿಳಿಸಿದ್ದಾರೆ.

ಜಿಲ್ಲೆಯ ಬಿಳಿಗಿರಿರಂಗನಾಥ ಹುಲಿ ಸಂರಕ್ಷಿತಾರಣ್ಯ ವ್ಯಾಪ್ತಿಯ ಚಾಮರಾಜನಗರ ಬಫರ್ ವಲಯದ ವ್ಯಾಪ್ತಿಯ ಕೃಷಿ ಪ್ರದೇಶದಲ್ಲಿ ತಾಯಿ ಹುಲಿ ಹಾಗೂ ಮರಿಗಳ ಪತ್ತೆಗಾಗಿ ಕೂಂಬಿಂಗ್ ಕಾರ್ಯಾಚರಣೆ ಮುಂದುವರೆದಿದೆ. ಆನೆಗಳ ಸಹಾಯದಿಂದ ಅರಣ್ಯ ಇಲಾಖೆ ಸಿಬ್ಬಂದಿ ಶೋಧ ನಡೆಸುತ್ತಿದ್ದು, ಗ್ರಾಮಸ್ಥರು ಜಮೀನುಗಳಿಗೆ ತೆರಳದಂತೆ ಸೂಚಿಸಲಾಗಿದೆ. ಕ್ಯಾಮರಾ ಟ್ರ್ಯಾಪ್‌ಗಳನ್ನು ಅಳವಡಿಸಲಾಗಿದ್ದು ಹುಲಿ ಚಲನವಲನದ ಮೇಲೆ ನಿಗಾ ವಹಿಸಲಾಗಿದೆ. ಪಶುವೈದ್ಯರ ತಂಡವನ್ನೂ ಸನ್ನದ್ಧವಾಗಿರಿಸಲಾಗಿದೆ ಎಂದು ಅರಣ್ಯಾಧಿಕಾರಿಗಳು ತಿಳಿಸಿದ್ದಾರೆ.

ಯುವಕನ ಮೇಲೆ ಎರಗಿದ ಹುಲಿ

ಚಾಮರಾಜನಗರ ಜಿಲ್ಲೆಯ ಬಂಡೀಪುರ ಹುಲಿ ಸಂರಕ್ಷಿತಾರಣ್ಯ ಪ್ರದೇಶ ವ್ಯಾಪ್ತಿಯ ಹೆಡಿಯಾಲ ಸಮೀಪ ಬಡಗಲಪುರದಲ್ಲಿ ಯುವಕ ಮೇಲೆ ಹುಲಿ ದಾಳಿ ಮಾಡಿದೆ. ಹೆಡಿಯಾಲ ಸಮೀಪದ ಬಡಗಲಪುರ ಗ್ರಾಮದ ಮಹದೇವೇಗೌಡ(35) ಗಾಯಾಳು. ಬಂಡೀಪುರದ ಹೆಡಿಯಾಲ ವಲಯದ ಕಾಡಂಚಿನ ಗ್ರಾಮದಲ್ಲಿ ಹುಲಿ ಸೆರೆ ಕಾರ್ಯಾಚರಣೆ ಸಮಯದಲ್ಲಿ ಘಟನೆ ನಡೆದಿದೆ. ಹುಲಿಯ ಹಿಂದೆ ಗಲಾಟೆ ಮಾಡುತ್ತಿದ್ದ ಗುಂಪಿನ ಮೇಲೆ ದಾಳಿ ವ್ಯಾಘ್ರ ತಿರುಗಿಬಿದ್ದಿದೆ. ಮಹದೇವೇಗೌಡ ಮೇಲೆ ದಾಳಿ ಮಾಡಿದೆ.

ಬಿಳಿಗಿರಿರಂಗನ ಬೆಟ್ಟದ ರಂಗನಾಥಸ್ವಾಮಿ
ದೇಗುಲದ ಹುಂಡಿ ಹಣ ಎಣಿಕೆ

ಸಂಜೆ ಮುಗಿಲು ಯಳಂದೂರು

ತಾಲ್ಲೂಕಿನ ಪ್ರಸಿದ್ಧ ಯಾತ್ರಾ ಸ್ಥಳವಾದ ಬಿಳಿಗಿರಿರಂಗನ ಬೆಟ್ಟದ ರಂಗನಾಥಸ್ವಾಮಿ ದೇವಾಲಯದಲ್ಲಿ ಹುಂಡಿ ಹಣ ಎಣಿಕೆ ಸಂದರ್ಭದಲ್ಲಿ ಹಣವನ್ನು ಕಳ್ಳತನ ಮಾಡುತ್ತಿದ್ದ ಸಮಯದಲ್ಲಿ

ಮೂವರೂ ಪೊಲೀಸರ ಕೈಗೆ ಸಿಕ್ಕಿಬಿದ್ದಿದ್ದಾರೆ. ಮಂಡ್ಯ ನಗರದ ಶರವಣ್, ಗಿರೀಶ್ ಮತ್ತು ಶ್ರೀನಿವಾಸ ಬಂಧಿತರು.

63.095 ರೂ ನಗದು ಹಾಗೂ

ಅವರು ಬಂದಿದ್ದ ವಾಹನವನ್ನು ವಶಪಡಿಸಿಕೊಳ್ಳಲಾಗಿದೆ.

ದೇಗುಲದಲ್ಲಿ 2 ತಿಂಗಳಿಗೆ ಒಮ್ಮೆ ಹುಂಡಿ ಹಣದ ಎಣಿಕೆ ನಡೆಯುತ್ತದೆ. ಹಲವು ಸಿಬ್ಬಂದಿ ಸೇರಿ ನಾಣ್ಯ, ನೋಟು ಪ್ರತ್ಯೇಕಿಸಲು ಸಹಾಯ ಮಾಡುತ್ತಾರೆ.

ಆದರೆ ಈ ಬಾರಿ ಎಣಿಕೆ ಕಾರ್ಯದ ವೇಳೆ ಹಣ ಕಳ್ಳತನ ಮಾಡುತ್ತಿರುವುದು ಸಿಸಿಟಿವಿ ಕ್ಯಾಮರಾದಲ್ಲಿ ಸೆರೆಯಾಗಿದ್ದು, ದೇವಾಲಯದ ಅಧಿಕಾರಿಗಳು ಪೊಲೀಸರಿಗೆ ದೂರು ನೀಡಿದ್ದರು. ಪೊಲೀಸರು ತನಿಖೆ ನಡೆಸಿ ಆರೋಪಿಗಳನ್ನು ಬಂಧಿಸಿ ದಾಖಲು ಮಾಡಿ, ಪ್ರಕರಣ ದಾಖಲಿಸಿ ನ್ಯಾಯಾಂಗ ಬಂಧನಕ್ಕೆ ಒಳಪಡಿಸಿದ್ದಾರೆ. ಪೊಲೀಸರು ಮುಂದಿನ ಕ್ರಮ ಕೈಗೊಂಡಿದ್ದಾರೆ.

29.67 ಲಕ್ಷ ರೂ ಸಂಗ್ರಹ ಬಿಳಿಗಿರಿ ರಂಗನಾಥ ಸ್ವಾಮಿ ದೇಗುಲದಲ್ಲಿ ಒಟ್ಟು 29,67,790 ರೂ. ಸಂಗ್ರಹವಾಗಿದೆ. ಅಲ್ಲದೇ 100,10 ರೂ. ಮುಖ ಬೆಲೆಯ ಅಮೆರಿಕನ್ ಡಾಲರ್, ಯುಎಸ್‌ಎ ಕರೆನ್ಸಿ ನ ನಾಣ್ಯಗಳು ಹಾಗೂ ಅಮಾನ್ಯವಾಗಿರುವ 500 ರೂ. ಮುಖ ಬೆಲೆಯ 6 ನೋಟುಗಳು ಕೂಡ ಸಿಕ್ಕಿವೆ.

ಮಾನವ-ವನ್ಯಜೀವಿ ಸಂಘರ್ಷ ತಡೆಗೆ
ಕ್ರಮವಹಿಸಲು ಅಧಿಕಾರಿಗಳಿಗೆ ಸೂಚನೆ

ಚಾಮರಾಜನಗರ: ಕಾಡಿನಲ್ಲಿ ಸುತ್ತ ಮುತ್ತಲಿನ ಗ್ರಾಮಗಳಲ್ಲಿ ಮಾನವ ಮತ್ತು ವನ್ಯಜೀವಿಗಳ ನಡುವಿನ ಸಂಘರ್ಷ ತಡೆಗಟ್ಟಬೇಕು ಎಂದು ಅರಣ್ಯ ಇಲಾಖೆ ಅಧಿಕಾರಿಗಳಿಗೆ ಉಸ್ತುವಾರಿ ಸಚಿವ ಕೆ.ವೆಂಕಟೇಶ್ ಸೂಚನೆ ನೀಡಿದರು. ಚಾಮರಾಜನಗರ ಜಿಲ್ಲೆಯ ಹನೂರು ತಾಲ್ಲೂಕಿನ ಮಲೆಮಹದೇಶ್ವರ ಬೆಟ್ಟದ ಸುತ್ತ ಮುತ್ತ ಹುಲಿಗಳ ಹಾವಳಿ ಹೆಚ್ಚಾಗಿರುವುದರಿಂದ ಗ್ರಾಮಸ್ಥರು ಆತಂಕದಲ್ಲಿದ್ದಾರೆ. ಈ ಬಗ್ಗೆ ಕ್ರಮವಹಿಸಬೇಕು ಎಂದು ಜಿಲ್ಲಾಧಿಕಾರಿ ಶಿಲ್ಪಾನಾಗ್ ಅವರಿಗೆ ಸೂಚಿಸಿದರು. ಜಾನುವಾರು ಕಳೆದುಕೊಂಡ ರೈತರಿಗೆ ಕೂಡಲೇ ಪರಿಹಾರ ನೀಡಬೇಕು.

ಸಾಕಣೆಯಿಂದಿರುತ್ತಾರೆ. ಆ ಜಾನುವಾರುಗಳು ವನ್ಯಪ್ರಾಣಿಗಳ ದಾಳಿಗೆ ಸಿಲುಕಿ ಹಸ್ತಗೊಳಗಾದರೆ ವ್ಯಕ್ತಿ ದೈಹಿಕ ಪ್ರತೀಕಾರಕ್ಕೆ ಮುಂದಾಗುವ ಸಂಭವ ಇರುತ್ತದೆ. ಅರಣ್ಯ ಇಲಾಖೆಯ ಸಿಬ್ಬಂದಿ ಗ್ರಾಮಗಳಿಗೆ ಭೇಟಿ ನೀಡಿ ಜನರಲ್ಲಿ ಜಾಗೃತಿ ಮೂಡಿಸಬೇಕು. ಆನೆ ಕಂದಕ, ಸೋಲಾರ್ ಬೇಲಿ ನಿರ್ಮಾಣ ಕಾಮಗಾರಿಗಳನ್ನು ತ್ವರಿತವಾಗಿ ಪೂರ್ಣಗೊಳಿಸಬೇಕು ಎಂದು ಸಚಿವರು ತಿಳಿಸಿದರು. ಸಭೆಯಲ್ಲಿ ಶಾಸಕರು, ಅರಣ್ಯಾಧಿಕಾರಿಗಳು ಹಾಜರಿದ್ದರು.
